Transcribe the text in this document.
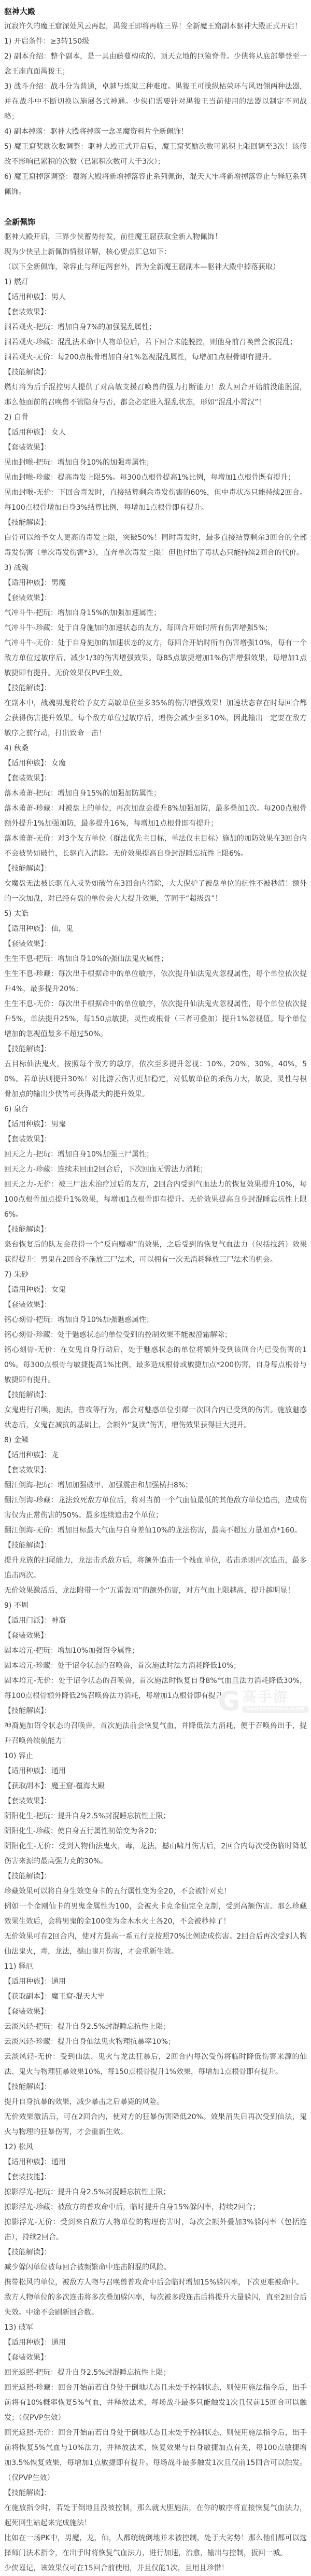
驱神大殿

沉寂许久的魔王窟深处风云再起，禺狻王即将再临三界！全新魔王窟副本驱神大殿正式开启！

1) 开启条件：≥3转150级

2) 副本介绍：整个副本，是一具由藤蔓构成的、顶天立地的巨猿脊骨。少侠将从底部攀登至一念王座直面禺狻王；

3) 战斗介绍：战斗分为普通，卓越与炼狱三种难度。禺狻王可操纵枯荣环与风语翎两种法器，并在战斗中不断切换以施展各式神通。少侠们需要针对禺狻王当前使用的法器以制定不同战略；

4) 副本掉落：驱神大殿将掉落一念圣魔资料片全新佩饰！

5) 魔王窟奖励次数调整：驱神大殿正式开启后，魔王窟奖励次数可累积上限回调至3次！该修改不影响已累积的次数（已累积次数可大于3次）；

6) 魔王窟掉落调整：覆海大殿将新增掉落容止系列佩饰，混天大牢将新增掉落容止与释厄系列佩饰。

全新佩饰

驱神大殿开启，三界少侠蓄势待发，前往魔王窟获取全新人物佩饰！

现为少侠呈上新佩饰情报详解，核心要点汇总如下：

（以下全新佩饰，除容止与释厄两套外，皆为全新魔王窟副本—驱神大殿中掉落获取）

1) 燃灯

【适用种族】：男人

【套装效果】：

洞若观火-把玩：增加自身7%的加强混乱属性；

洞若观火-珍藏：混乱法术命中人物单位后，若下回合未能脱控，则他身前召唤兽会被混乱；

洞若观火-无价：每200点根骨增加自身1%忽视混乱属性，每增加1点根骨即有提升。

【技能解读】：

燃灯将为后手混控男人提供了对高敏支援召唤兽的强力打断能力！敌人回合开始前没能脱混，那么他面前的召唤兽不管隐身与否，都会必定进入混乱状态，形如“混乱小霄汉”！

2) 白骨

【适用种族】：女人

【套装效果】：

见血封喉-把玩：增加自身10%的加强毒属性；

见血封喉-珍藏：提高毒发上限5%。每300点根骨提高1%比例，每增加1点根骨既有提升；

见血封喉-无价：下回合毒发时，直接结算剩余毒发伤害的60%，但中毒状态只能持续2回合。每100点根骨增加自身3%结算比例，每增加1点根骨即有提升。

【技能解读】：

白骨可以给予女人更高的毒发上限，突破50%！同时毒发时，最多直接结算剩余3回合的全部毒发伤害（单次毒发伤害*3），直奔单次毒发上限！但也付出了毒状态只能持续2回合的代价。

3) 战魂

【适用种族】：男魔

【套装效果】：

气冲斗牛-把玩：增加自身15%的加强加速属性；

气冲斗牛-珍藏：处于自身施加的加速状态的友方，每回合开始时所有伤害增强5%；

气冲斗牛-无价：处于自身施加的加速状态的友方，每回合开始时所有伤害增强10%，每有一个敌方单位过敏序后，减少1/3的伤害增强效果。每85点敏捷增加1%伤害增强效果，每增加1点敏捷即有提升。无价效果仅PVE生效。

【技能解读】：

在副本中，战魂男魔将给予友方高敏单位至多35%的伤害增强效果！加速状态存在时每回合都会获得伤害提升效果。每个敌方单位过敏序后，增伤会减少至多10%，因此输出一定要在敌方敏序之前行动，打出致命一击！

4) 秋桑

【适用种族】：女魔

【套装效果】：

落木萧萧-把玩：增加自身15%的加强加防属性；

落木萧萧-珍藏：对被盘上的单位，再次加盘会提升8%加强加防，最多叠加1次。每200点根骨额外提升1%加强加防，最多提升16%，每增加1点根骨即有提升；

落木萧萧-无价：对3个友方单位（群法优先主目标，单法仅主目标）施加的加防效果在3回合内不会被势如破竹，长驱直入清除。无价效果提高自身封混睡忘抗性上限6%。

【技能解读】：

女魔盘无法被长驱直入或势如破竹在3回合内清除，大大保护了被盘单位的抗性不被秒清！额外的一次加盘，对已经有盘的单位会大大提升效果，等同于“超级盘”！

5) 太皓

【适用种族】：仙，鬼

【套装效果】：

生生不息-把玩：增加自身10%的强仙法鬼火属性；

生生不息-珍藏：每次出手根据命中的单位敏序，依次提升仙法鬼火忽视属性，每个单位依次提升4%，最多提升20%；

生生不息-无价：每次出手根据命中的单位敏序，依次提升仙法鬼火忽视属性，每个单位依次提升5%，单法提升25%，每150点敏捷，灵性或根骨（三者可叠加）提升1%忽视值。每个单位增加的忽视值最多不超过50%。

【技能解读】：

五目标仙法鬼火，按照每个敌方的敏序，依次至多提升忽视：10%，20%，30%，40%，50%。若单法则提升30%！对比游云伤害更加稳定，对低敏单位的杀伤力大，敏捷，灵性与根骨加点的输出少侠皆可获得最大的提升效果。

6) 泉台

【适用种族】：男鬼

【套装效果】：

回天之力-把玩：增加自身10%加强三尸属性；

回天之力-珍藏：连续未回血2回合后，下次回血无需法力消耗；

回天之力-无价：被三尸法术治疗过后的友方，2回合内受到气血法力的恢复效果提升10%，每100点根骨加点提升1%效果，每增加1点根骨即有提升。无价效果提高自身封混睡忘抗性上限6%。

【技能解读】：

泉台恢复后的队友会获得一个“反向赠魂”的效果，之后受到的恢复气血法力（包括拉药）效果获得提升！男鬼在2回合不施放三尸法术，可以拥有一次无消耗释放三尸法术的机会。

7) 朱砂

【适用种族】：女鬼

【套装效果】：

铭心刻骨-把玩：增加自身10%加强魅惑属性；

铭心刻骨-珍藏：处于魅惑状态的单位受到的控制效果不能被澄霜解除；

铭心刻骨-无价：在女鬼自身行动后，处于魅惑状态的单位将额外受到该回合内已受伤害的10%。每300点根骨与敏捷提高1%比例，最多造成根骨或敏捷加点*200伤害，自身每点根骨与敏捷即有提升。

【技能解读】：

女鬼进行召唤，施法，普攻等行为，都会对魅惑单位引爆一次回合内已受到的伤害。施放魅惑状态后，女鬼在减抗的基础上，会额外“复读”伤害，增伤效果获得巨大提升。

8) 金鳞

【适用种族】：龙

【套装效果】：

翻江倒海-把玩：增加加强破甲、加强震击和加强横扫8%；

翻江倒海-珍藏：龙法致死敌方单位后，将对当前一个气血值最低的其他敌方单位追击，造成伤害仅为正常伤害的50%。最多连续追击2个单位；

翻江倒海-无价：增加目标最大气血与自身差值10%的龙法伤害，最高不超过力量加点*160。

【技能解读】：

提升龙族的扫尾能力，龙法击杀敌方后，将额外追击一个残血单位，若击杀则再次追击，最多追击两次。

无价效果激活后，龙法附带一个“五雷轰顶”的额外伤害，对方气血上限越高，提升越明显！

9) 不周

【适用门派】：神裔

【套装效果】：

固本培元-把玩：增加10%加强诏令属性；

固本培元-珍藏：处于诏令状态的召唤兽，首次施法时法力消耗降低10%；

固本培元-无价：处于诏令状态的召唤兽，首次施法时恢复自身8%气血且法力消耗降低30%，每100点根骨额外降低2%召唤兽法力消耗，每增加1点根骨即有提升。

【技能解读】：

神裔施加诏令状态的召唤兽，首次施法前会恢复气血，并降低法力消耗，便于召唤兽出手，提升召唤兽续航能力！

10) 容止

【适用种族】：通用

【获取副本】：魔王窟-覆海大殿

【套装效果】：

阴阳化生-把玩：提升自身2.5%封混睡忘抗性上限；

阴阳化生-珍藏：使自身五行属性初始变为各20；

阴阳化生-无价：受到人物仙法鬼火，毒，龙法，撼山啸月伤害后，2回合内每次受伤临时降低伤害来源的最高强力克的30%。

【技能解读】：

珍藏效果可以将自身生效变身卡的五行属性变为全20，不会被针对克！

例如一个金刚仙卡的男鬼金属性为100，会被火卡克金仙完全克制，受到高额伤害。那么珍藏效果生效后，会将男鬼的金100变为金木水火土各20，不会被秒掉了！

无价效果可在2回合内，使对方最高一系五行克按照70%比例造成伤害。2回合后再次受到人物仙法鬼火，毒，龙法，撼山啸月伤害，才会重新生效。

11) 释厄

【适用种族】：通用

【获取副本】：魔王窟-混天大牢

【套装效果】：

云淡风轻-把玩：提升自身2.5%封混睡忘抗性上限；

云淡风轻-珍藏：提升自身仙法鬼火物理抗暴率10%；

云淡风轻-无价：受到仙法、鬼火与龙法狂暴后，2回合内每次受伤将临时降低伤害来源的仙法、鬼火与物理狂暴效果10%，每150点根骨提升1%效果，每增加1点根骨即有提升。

【技能解读】：

提升自身抗暴的效果，减少暴击之后暴毙的风险。

无价效果激活后，可在2回合内，使对方的狂暴伤害降低20%。效果消失后再次受到仙法，鬼火与物理的狂暴伤害，才会重新生效。

12) 松风

【适用种族】：通用

【套装技能】：

掠影浮光-把玩：提升自身2.5%封混睡忘抗性上限；

掠影浮光-珍藏：被敌方的普攻命中后，临时提升自身15%躲闪率，持续2回合；

掠影浮光-无价：受到来自敌方人物单位的物理伤害时，每次会额外叠加3%躲闪率（包括连击），持续2回合。

【技能解读】：

减少躲闪单位被每回合被频繁命中连击附混的风险。

携带松风的单位，被敌方人物与召唤兽普攻命中后会临时增加15%躲闪率，下次更难被命中。

敌方人物单位的多次连击将多次叠加躲闪率，每次被多段连击后将提升大量躲闪，直至2回合后失效。中途不会刷新回合数。

13) 破军

【适用种族】：通用

【套装效果】：

回光返照-把玩：提升自身2.5%封混睡忘抗性上限；

回光返照-珍藏：回合开始前若自身处于倒地状态且未处于控制状态，则使用施法指令后，出手前将有10%概率恢复5%气血，并释放法术，每场战斗最多只能触发1次且仅前15回合可以触发；（仅PVP生效）

回光返照-无价：回合开始前若自身处于倒地状态且未处于控制状态，则使用施法指令后，出手前将恢复5%气血与10%法力，并释放法术，恢复效果与自身敏捷加点有关，每100点敏捷增加3.5%恢复效果，每增加1点敏捷即有提升。每场战斗最多触发1次且仅前15回合可以触发。（仅PVP生效）

【技能解读】：

在施放指令时，若处于倒地且没被控制，那么就大胆施法，在你的敏序将直接恢复气血法力，起死回生站起来完成施法！

比如在一场PK中，男魔，龙，仙，人都统统倒地并未被控制，处于大劣势！那么他们都可以选择师门法术指令，在出手时将恢复气血法力，进行加速，治愈，输出与控制，扳回一城。

少侠谨记，该效果仅可在15回合前使用，并且仅能1次，且用且珍惜！

G 高手游
GAOSHOUYOU.COM
